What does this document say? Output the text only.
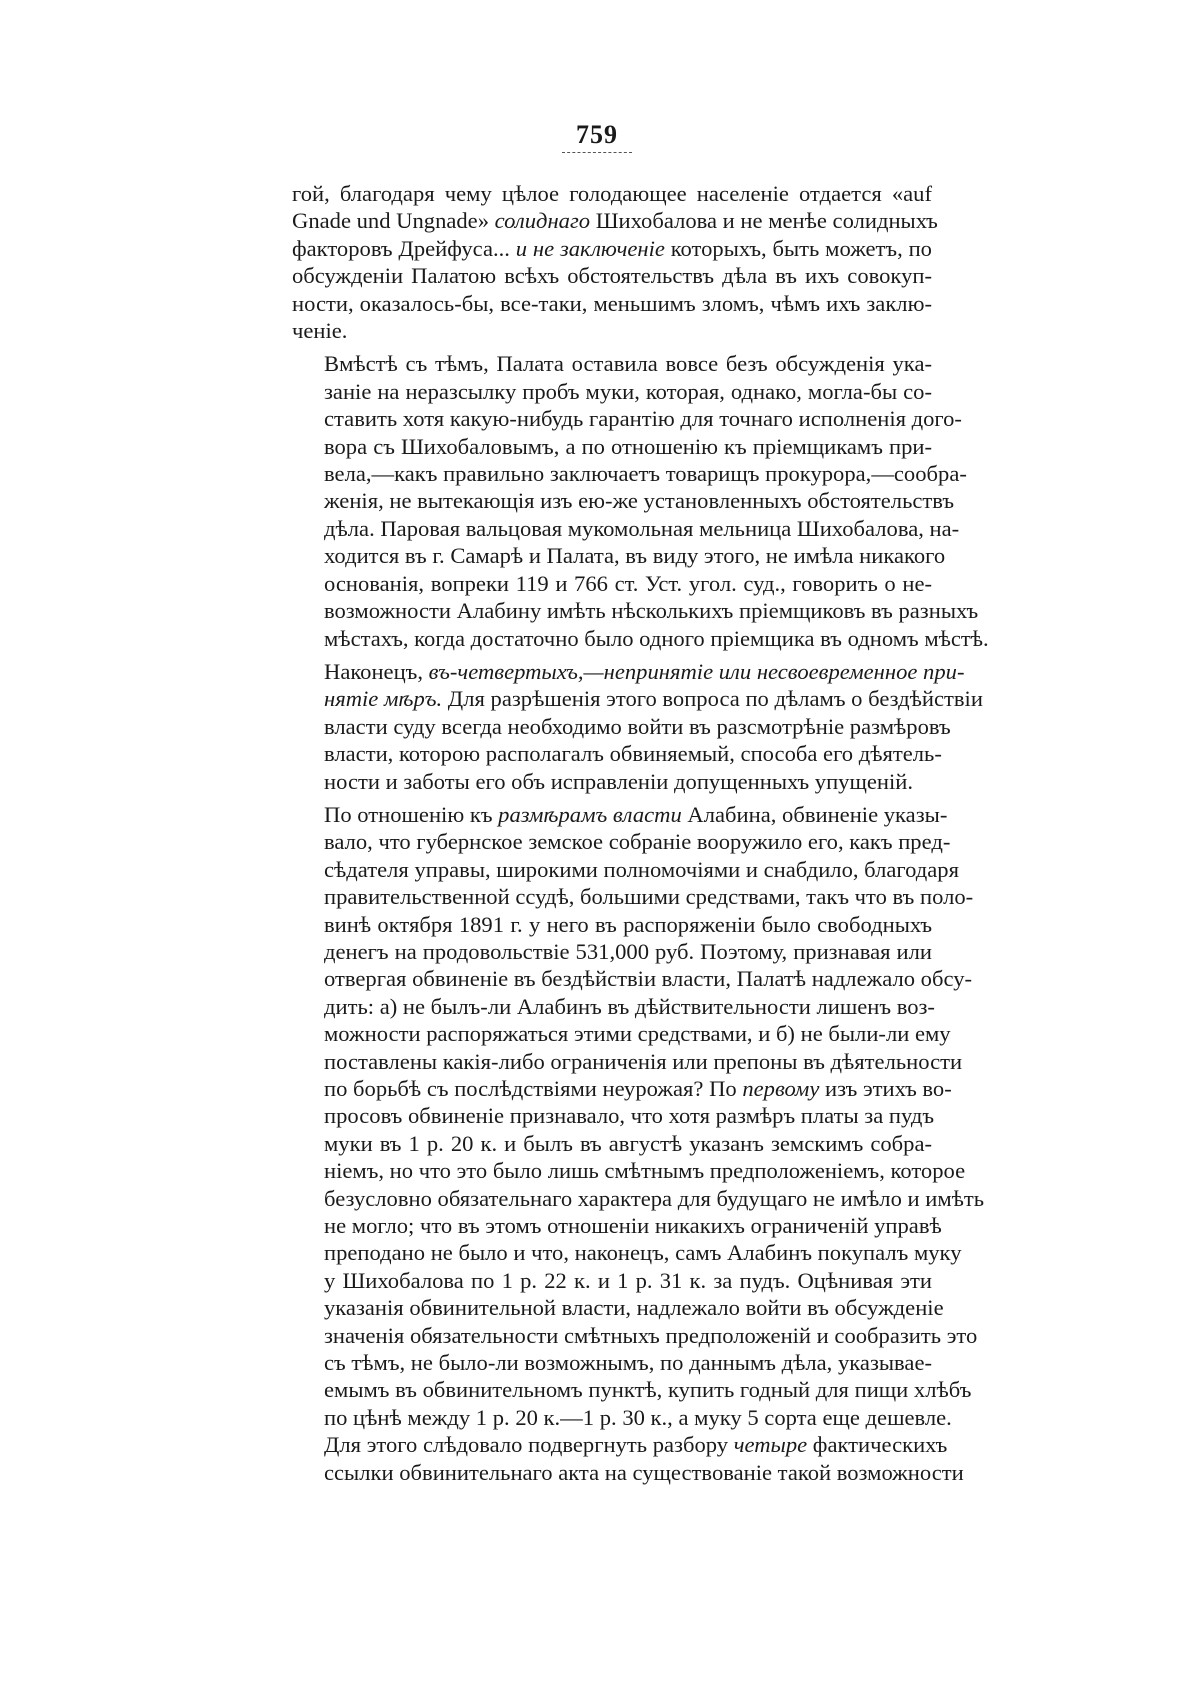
759
гой, благодаря чему цѣлое голодающее населеніе отдается «auf
Gnade und Ungnade» солиднаго Шихобалова и не менѣе солидныхъ
факторовъ Дрейфуса... и не заключеніе которыхъ, быть можетъ, по
обсужденіи Палатою всѣхъ обстоятельствъ дѣла въ ихъ совокуп-
ности, оказалось-бы, все-таки, меньшимъ зломъ, чѣмъ ихъ заклю-
ченіе.
Вмѣстѣ съ тѣмъ, Палата оставила вовсе безъ обсужденія ука-
заніе на неразсылку пробъ муки, которая, однако, могла-бы со-
ставить хотя какую-нибудь гарантію для точнаго исполненія дого-
вора съ Шихобаловымъ, а по отношенію къ пріемщикамъ при-
вела,—какъ правильно заключаетъ товарищъ прокурора,—сообра-
женія, не вытекающія изъ ею-же установленныхъ обстоятельствъ
дѣла. Паровая вальцовая мукомольная мельница Шихобалова, на-
ходится въ г. Самарѣ и Палата, въ виду этого, не имѣла никакого
основанія, вопреки 119 и 766 ст. Уст. угол. суд., говорить о не-
возможности Алабину имѣть нѣсколькихъ пріемщиковъ въ разныхъ
мѣстахъ, когда достаточно было одного пріемщика въ одномъ мѣстѣ.
Наконецъ, въ-четвертыхъ,—непринятіе или несвоевременное при-
нятіе мѣръ. Для разрѣшенія этого вопроса по дѣламъ о бездѣйствіи
власти суду всегда необходимо войти въ разсмотрѣніе размѣровъ
власти, которою располагалъ обвиняемый, способа его дѣятель-
ности и заботы его объ исправленіи допущенныхъ упущеній.
По отношенію къ размѣрамъ власти Алабина, обвиненіе указы-
вало, что губернское земское собраніе вооружило его, какъ пред-
сѣдателя управы, широкими полномочіями и снабдило, благодаря
правительственной ссудѣ, большими средствами, такъ что въ поло-
винѣ октября 1891 г. у него въ распоряженіи было свободныхъ
денегъ на продовольствіе 531,000 руб. Поэтому, признавая или
отвергая обвиненіе въ бездѣйствіи власти, Палатѣ надлежало обсу-
дить: а) не былъ-ли Алабинъ въ дѣйствительности лишенъ воз-
можности распоряжаться этими средствами, и б) не были-ли ему
поставлены какія-либо ограниченія или препоны въ дѣятельности
по борьбѣ съ послѣдствіями неурожая? По первому изъ этихъ во-
просовъ обвиненіе признавало, что хотя размѣръ платы за пудъ
муки въ 1 р. 20 к. и былъ въ августѣ указанъ земскимъ собра-
ніемъ, но что это было лишь смѣтнымъ предположеніемъ, которое
безусловно обязательнаго характера для будущаго не имѣло и имѣть
не могло; что въ этомъ отношеніи никакихъ ограниченій управѣ
преподано не было и что, наконецъ, самъ Алабинъ покупалъ муку
у Шихобалова по 1 р. 22 к. и 1 р. 31 к. за пудъ. Оцѣнивая эти
указанія обвинительной власти, надлежало войти въ обсужденіе
значенія обязательности смѣтныхъ предположеній и сообразить это
съ тѣмъ, не было-ли возможнымъ, по даннымъ дѣла, указывае-
емымъ въ обвинительномъ пунктѣ, купить годный для пищи хлѣбъ
по цѣнѣ между 1 р. 20 к.—1 р. 30 к., а муку 5 сорта еще дешевле.
Для этого слѣдовало подвергнуть разбору четыре фактическихъ
ссылки обвинительнаго акта на существованіе такой возможности
